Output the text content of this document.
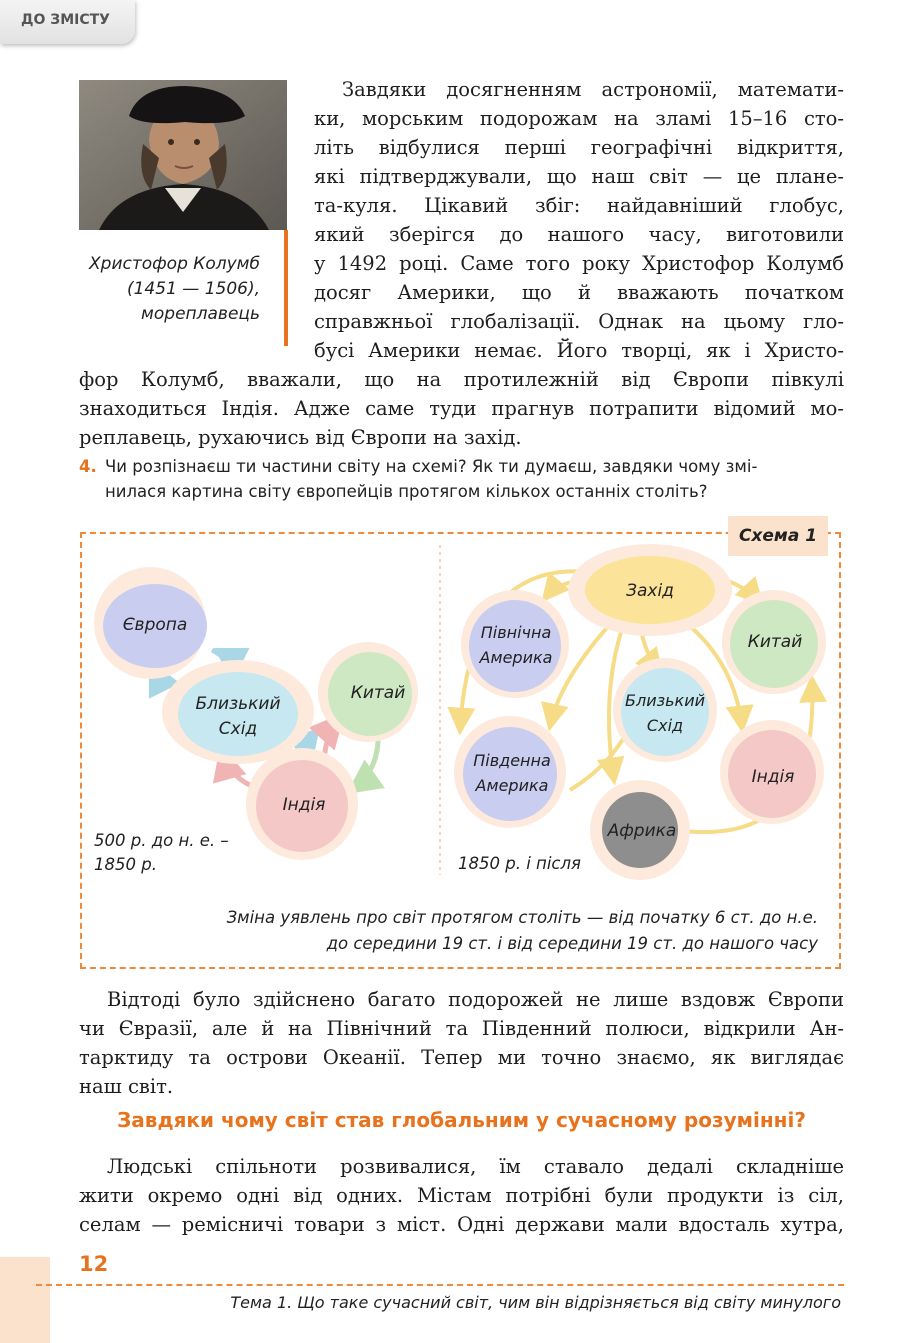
ДО ЗМІСТУ
Христофор Колумб
(1451 — 1506),
мореплавець
Завдяки досягненням астрономії, математи-
ки, морським подорожам на зламі 15–16 сто-
літь відбулися перші географічні відкриття,
які підтверджували, що наш світ — це плане-
та-куля. Цікавий збіг: найдавніший глобус,
який зберігся до нашого часу, виготовили
у 1492 році. Саме того року Христофор Колумб
досяг Америки, що й вважають початком
справжньої глобалізації. Однак на цьому гло-
бусі Америки немає. Його творці, як і Христо-
фор Колумб, вважали, що на протилежній від Європи півкулі
знаходиться Індія. Адже саме туди прагнув потрапити відомий мо-
реплавець, рухаючись від Європи на захід.
4. Чи розпізнаєш ти частини світу на схемі? Як ти думаєш, завдяки чому змі-
нилася картина світу європейців протягом кількох останніх століть?
Схема 1
Європа
Близький
Схід
Китай
Індія
500 р. до н. е. –
1850 р.
Захід
Північна
Америка
Китай
Близький
Схід
Південна
Америка	Індія
Африка
1850 р. і після
Зміна уявлень про світ протягом століть — від початку 6 ст. до н.е.
до середини 19 ст. і від середини 19 ст. до нашого часу
Відтоді було здійснено багато подорожей не лише вздовж Європи
чи Євразії, але й на Північний та Південний полюси, відкрили Ан-
тарктиду та острови Океанії. Тепер ми точно знаємо, як виглядає
наш світ.
Завдяки чому світ став глобальним у сучасному розумінні?
Людські спільноти розвивалися, їм ставало дедалі складніше
жити окремо одні від одних. Містам потрібні були продукти із сіл,
селам — ремісничі товари з міст. Одні держави мали вдосталь хутра,
12
Тема 1. Що таке сучасний світ, чим він відрізняється від світу минулого
